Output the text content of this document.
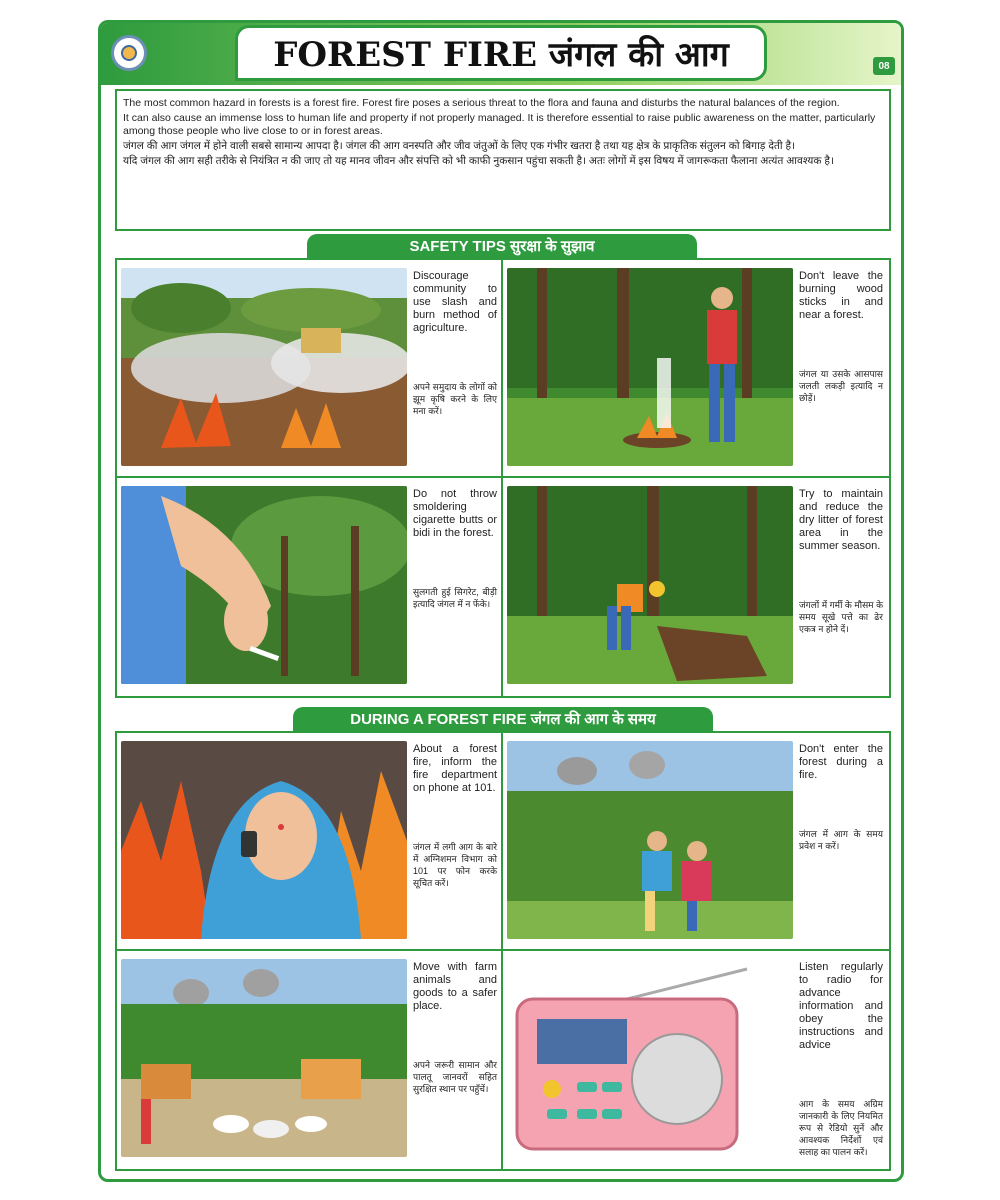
FOREST FIRE जंगल की आग	08

The most common hazard in forests is a forest fire. Forest fire poses a serious threat to the flora and fauna and disturbs the natural balances of the region.

It can also cause an immense loss to human life and property if not properly managed. It is therefore essential to raise public awareness on the matter, particularly among those people who live close to or in forest areas.

जंगल की आग जंगल में होने वाली सबसे सामान्य आपदा है। जंगल की आग वनस्पति और जीव जंतुओं के लिए एक गंभीर खतरा है तथा यह क्षेत्र के प्राकृतिक संतुलन को बिगाड़ देती है।

यदि जंगल की आग सही तरीके से नियंत्रित न की जाए तो यह मानव जीवन और संपत्ति को भी काफी नुकसान पहुंचा सकती है। अतः लोगों में इस विषय में जागरूकता फैलाना अत्यंत आवश्यक है।

SAFETY TIPS सुरक्षा के सुझाव
Discourage community to use slash and burn method of agriculture.
अपने समुदाय के लोगों को झूम कृषि करने के लिए मना करें।
Don't leave the burning wood sticks in and near a forest.
जंगल या उसके आसपास जलती लकड़ी इत्यादि न छोड़ें।
Do not throw smoldering cigarette butts or bidi in the forest.
सुलगती हुई सिगरेट, बीड़ी इत्यादि जंगल में न फेंके।
Try to maintain and reduce the dry litter of forest area in the summer season.
जंगलों में गर्मी के मौसम के समय सूखे पत्ते का ढेर एकत्र न होने दें।
DURING A FOREST FIRE जंगल की आग के समय
About a forest fire, inform the fire department on phone at 101.
जंगल में लगी आग के बारे में अग्निशमन विभाग को 101 पर फोन करके सूचित करें।
Don't enter the forest during a fire.
जंगल में आग के समय प्रवेश न करें।
Move with farm animals and goods to a safer place.
अपने जरूरी सामान और पालतू जानवरों सहित सुरक्षित स्थान पर पहुँचें।
Listen regularly to radio for advance information and obey the instructions and advice
आग के समय अग्रिम जानकारी के लिए नियमित रूप से रेडियो सुनें और आवश्यक निर्देशों एवं सलाह का पालन करें।
